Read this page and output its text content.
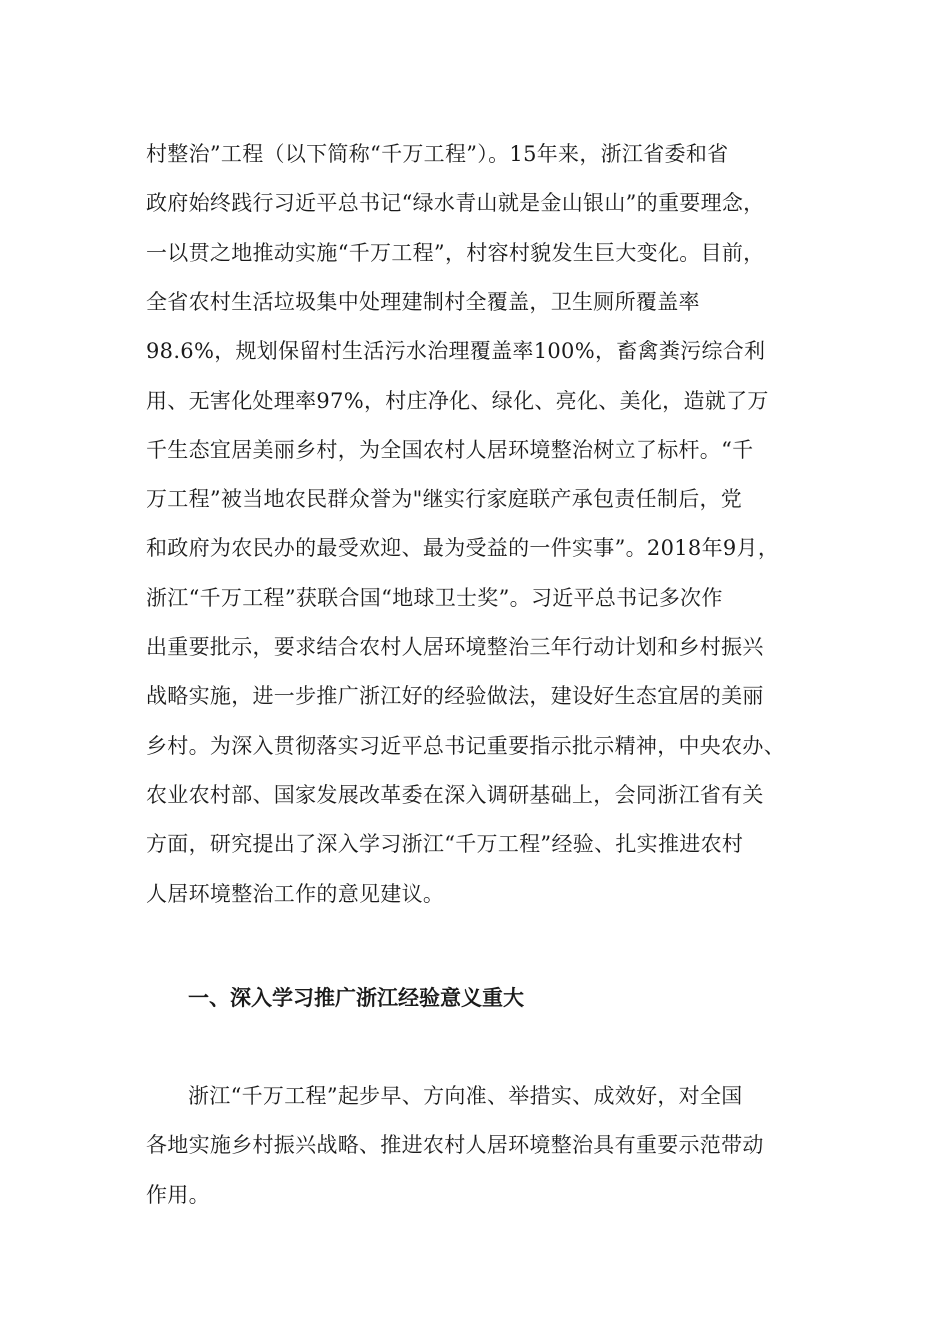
村整治”工程（以下简称“千万工程”）。15年来，浙江省委和省
政府始终践行习近平总书记“绿水青山就是金山银山”的重要理念，
一以贯之地推动实施“千万工程”，村容村貌发生巨大变化。目前，
全省农村生活垃圾集中处理建制村全覆盖，卫生厕所覆盖率
98.6%，规划保留村生活污水治理覆盖率100%，畜禽粪污综合利
用、无害化处理率97%，村庄净化、绿化、亮化、美化，造就了万
千生态宜居美丽乡村，为全国农村人居环境整治树立了标杆。“千
万工程”被当地农民群众誉为"继实行家庭联产承包责任制后，党
和政府为农民办的最受欢迎、最为受益的一件实事”。2018年9月，
浙江“千万工程”获联合国“地球卫士奖”。习近平总书记多次作
出重要批示，要求结合农村人居环境整治三年行动计划和乡村振兴
战略实施，进一步推广浙江好的经验做法，建设好生态宜居的美丽
乡村。为深入贯彻落实习近平总书记重要指示批示精神，中央农办、
农业农村部、国家发展改革委在深入调研基础上，会同浙江省有关
方面，研究提出了深入学习浙江“千万工程”经验、扎实推进农村
人居环境整治工作的意见建议。
一、深入学习推广浙江经验意义重大
浙江“千万工程”起步早、方向准、举措实、成效好，对全国
各地实施乡村振兴战略、推进农村人居环境整治具有重要示范带动
作用。
